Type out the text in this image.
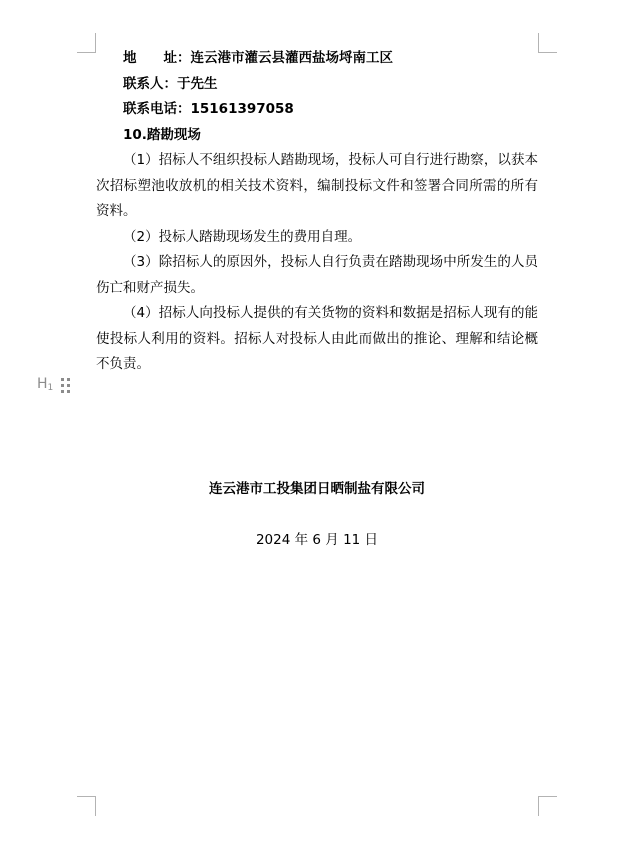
$H_1$

地　　址：连云港市灌云县灌西盐场埒南工区

联系人：于先生

联系电话：15161397058

10.踏勘现场

（1）招标人不组织投标人踏勘现场，投标人可自行进行勘察，以获本次招标塑池收放机的相关技术资料，编制投标文件和签署合同所需的所有资料。

（2）投标人踏勘现场发生的费用自理。

（3）除招标人的原因外，投标人自行负责在踏勘现场中所发生的人员伤亡和财产损失。

（4）招标人向投标人提供的有关货物的资料和数据是招标人现有的能使投标人利用的资料。招标人对投标人由此而做出的推论、理解和结论概不负责。

连云港市工投集团日晒制盐有限公司

2024 年 6 月 11 日
